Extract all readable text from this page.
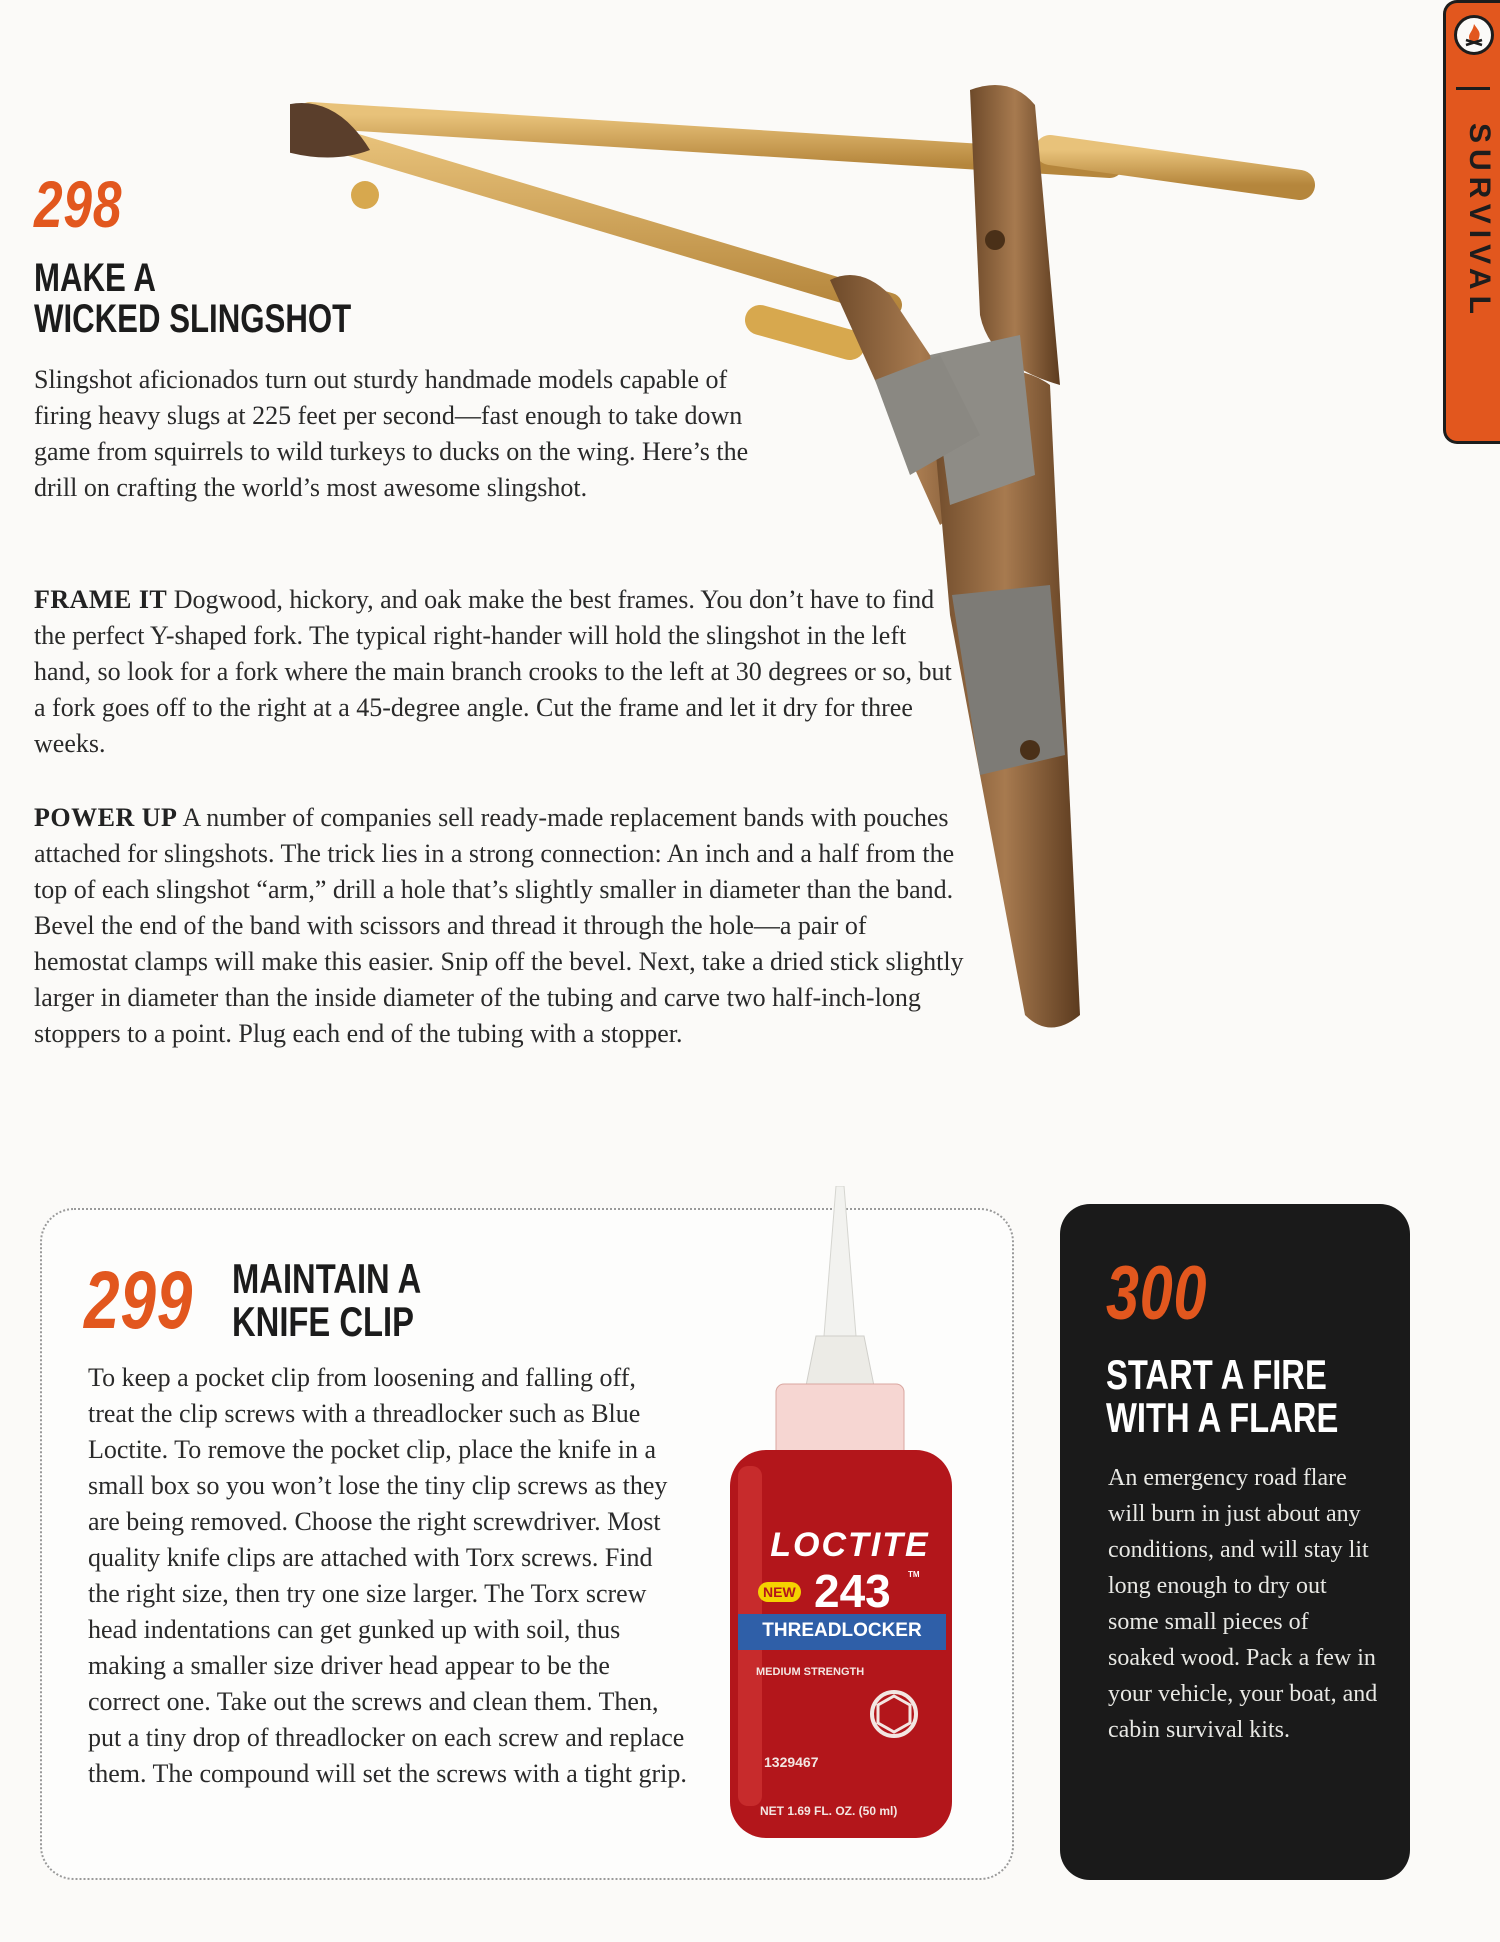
SURVIVAL
298
MAKE A
WICKED SLINGSHOT
Slingshot aficionados turn out sturdy handmade models capable of firing heavy slugs at 225 feet per second—fast enough to take down game from squirrels to wild turkeys to ducks on the wing. Here’s the drill on crafting the world’s most awesome slingshot.
FRAME IT Dogwood, hickory, and oak make the best frames. You don’t have to find the perfect Y-shaped fork. The typical right-hander will hold the slingshot in the left hand, so look for a fork where the main branch crooks to the left at 30 degrees or so, but a fork goes off to the right at a 45-degree angle. Cut the frame and let it dry for three weeks.
POWER UP A number of companies sell ready-made replacement bands with pouches attached for slingshots. The trick lies in a strong connection: An inch and a half from the top of each slingshot “arm,” drill a hole that’s slightly smaller in diameter than the band. Bevel the end of the band with scissors and thread it through the hole—a pair of hemostat clamps will make this easier. Snip off the bevel. Next, take a dried stick slightly larger in diameter than the inside diameter of the tubing and carve two half-inch-long stoppers to a point. Plug each end of the tubing with a stopper.
299 MAINTAIN A
KNIFE CLIP
To keep a pocket clip from loosening and falling off, treat the clip screws with a threadlocker such as Blue Loctite. To remove the pocket clip, place the knife in a small box so you won’t lose the tiny clip screws as they are being removed. Choose the right screwdriver. Most quality knife clips are attached with Torx screws. Find the right size, then try one size larger. The Torx screw head indentations can get gunked up with soil, thus making a smaller size driver head appear to be the correct one. Take out the screws and clean them. Then, put a tiny drop of threadlocker on each screw and replace them. The compound will set the screws with a tight grip.
LOCTITE
NEW 243 TM
THREADLOCKER
MEDIUM STRENGTH
1329467
NET 1.69 FL. OZ. (50 ml)
300
START A FIRE
WITH A FLARE
An emergency road flare will burn in just about any conditions, and will stay lit long enough to dry out some small pieces of soaked wood. Pack a few in your vehicle, your boat, and cabin survival kits.
